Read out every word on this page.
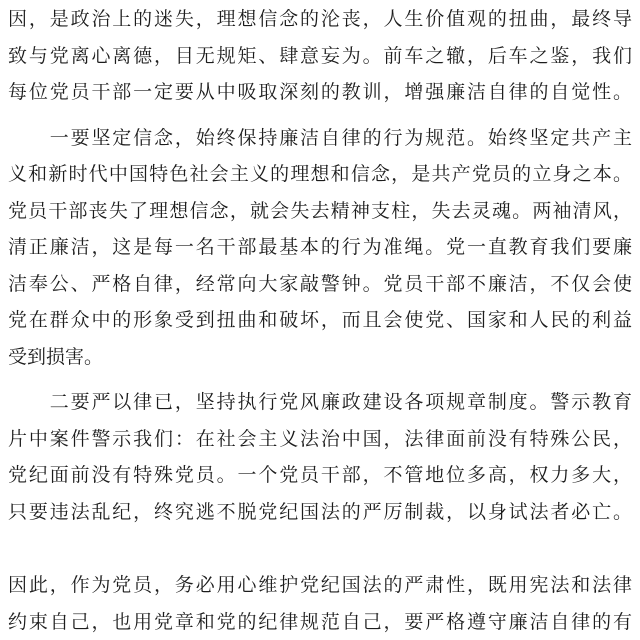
因，是政治上的迷失，理想信念的沦丧，人生价值观的扭曲，最终导
致与党离心离德，目无规矩、肆意妄为。前车之辙，后车之鉴，我们
每位党员干部一定要从中吸取深刻的教训，增强廉洁自律的自觉性。
　　一要坚定信念，始终保持廉洁自律的行为规范。始终坚定共产主
义和新时代中国特色社会主义的理想和信念，是共产党员的立身之本。
党员干部丧失了理想信念，就会失去精神支柱，失去灵魂。两袖清风，
清正廉洁，这是每一名干部最基本的行为准绳。党一直教育我们要廉
洁奉公、严格自律，经常向大家敲警钟。党员干部不廉洁，不仅会使
党在群众中的形象受到扭曲和破坏，而且会使党、国家和人民的利益
受到损害。
　　二要严以律已，坚持执行党风廉政建设各项规章制度。警示教育
片中案件警示我们：在社会主义法治中国，法律面前没有特殊公民，
党纪面前没有特殊党员。一个党员干部，不管地位多高，权力多大，
只要违法乱纪，终究逃不脱党纪国法的严厉制裁，以身试法者必亡。
因此，作为党员，务必用心维护党纪国法的严肃性，既用宪法和法律
约束自己，也用党章和党的纪律规范自己，要严格遵守廉洁自律的有
